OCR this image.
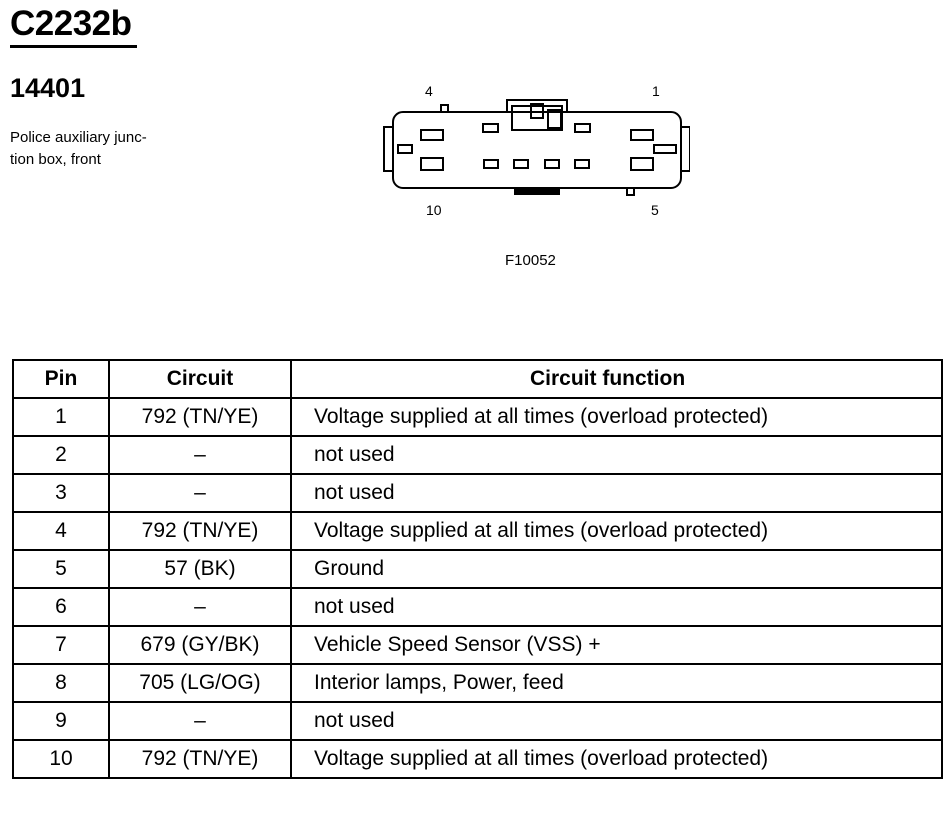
C2232b
14401
Police auxiliary junc-
tion box, front
4	1
10	5
F10052
Pin	Circuit	Circuit function
1	792 (TN/YE)	Voltage supplied at all times (overload protected)
2	–	not used
3	–	not used
4	792 (TN/YE)	Voltage supplied at all times (overload protected)
5	57 (BK)	Ground
6	–	not used
7	679 (GY/BK)	Vehicle Speed Sensor (VSS) +
8	705 (LG/OG)	Interior lamps, Power, feed
9	–	not used
10	792 (TN/YE)	Voltage supplied at all times (overload protected)
